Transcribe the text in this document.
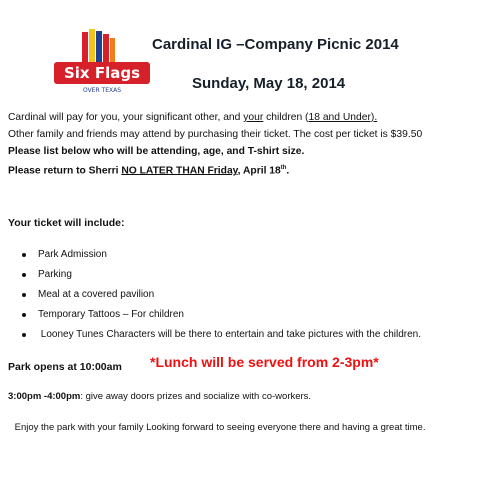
Six Flags
OVER TEXAS
Cardinal IG –Company Picnic 2014
Sunday, May 18, 2014
Cardinal will pay for you, your significant other, and your children (18 and Under).
Other family and friends may attend by purchasing their ticket. The cost per ticket is $39.50
Please list below who will be attending, age, and T-shirt size.
Please return to Sherri NO LATER THAN Friday, April 18th.
Your ticket will include:
Park Admission
Parking
Meal at a covered pavilion
Temporary Tattoos – For children
Looney Tunes Characters will be there to entertain and take pictures with the children.
Park opens at 10:00am *Lunch will be served from 2-3pm*
3:00pm -4:00pm: give away doors prizes and socialize with co-workers.
Enjoy the park with your family Looking forward to seeing everyone there and having a great time.
